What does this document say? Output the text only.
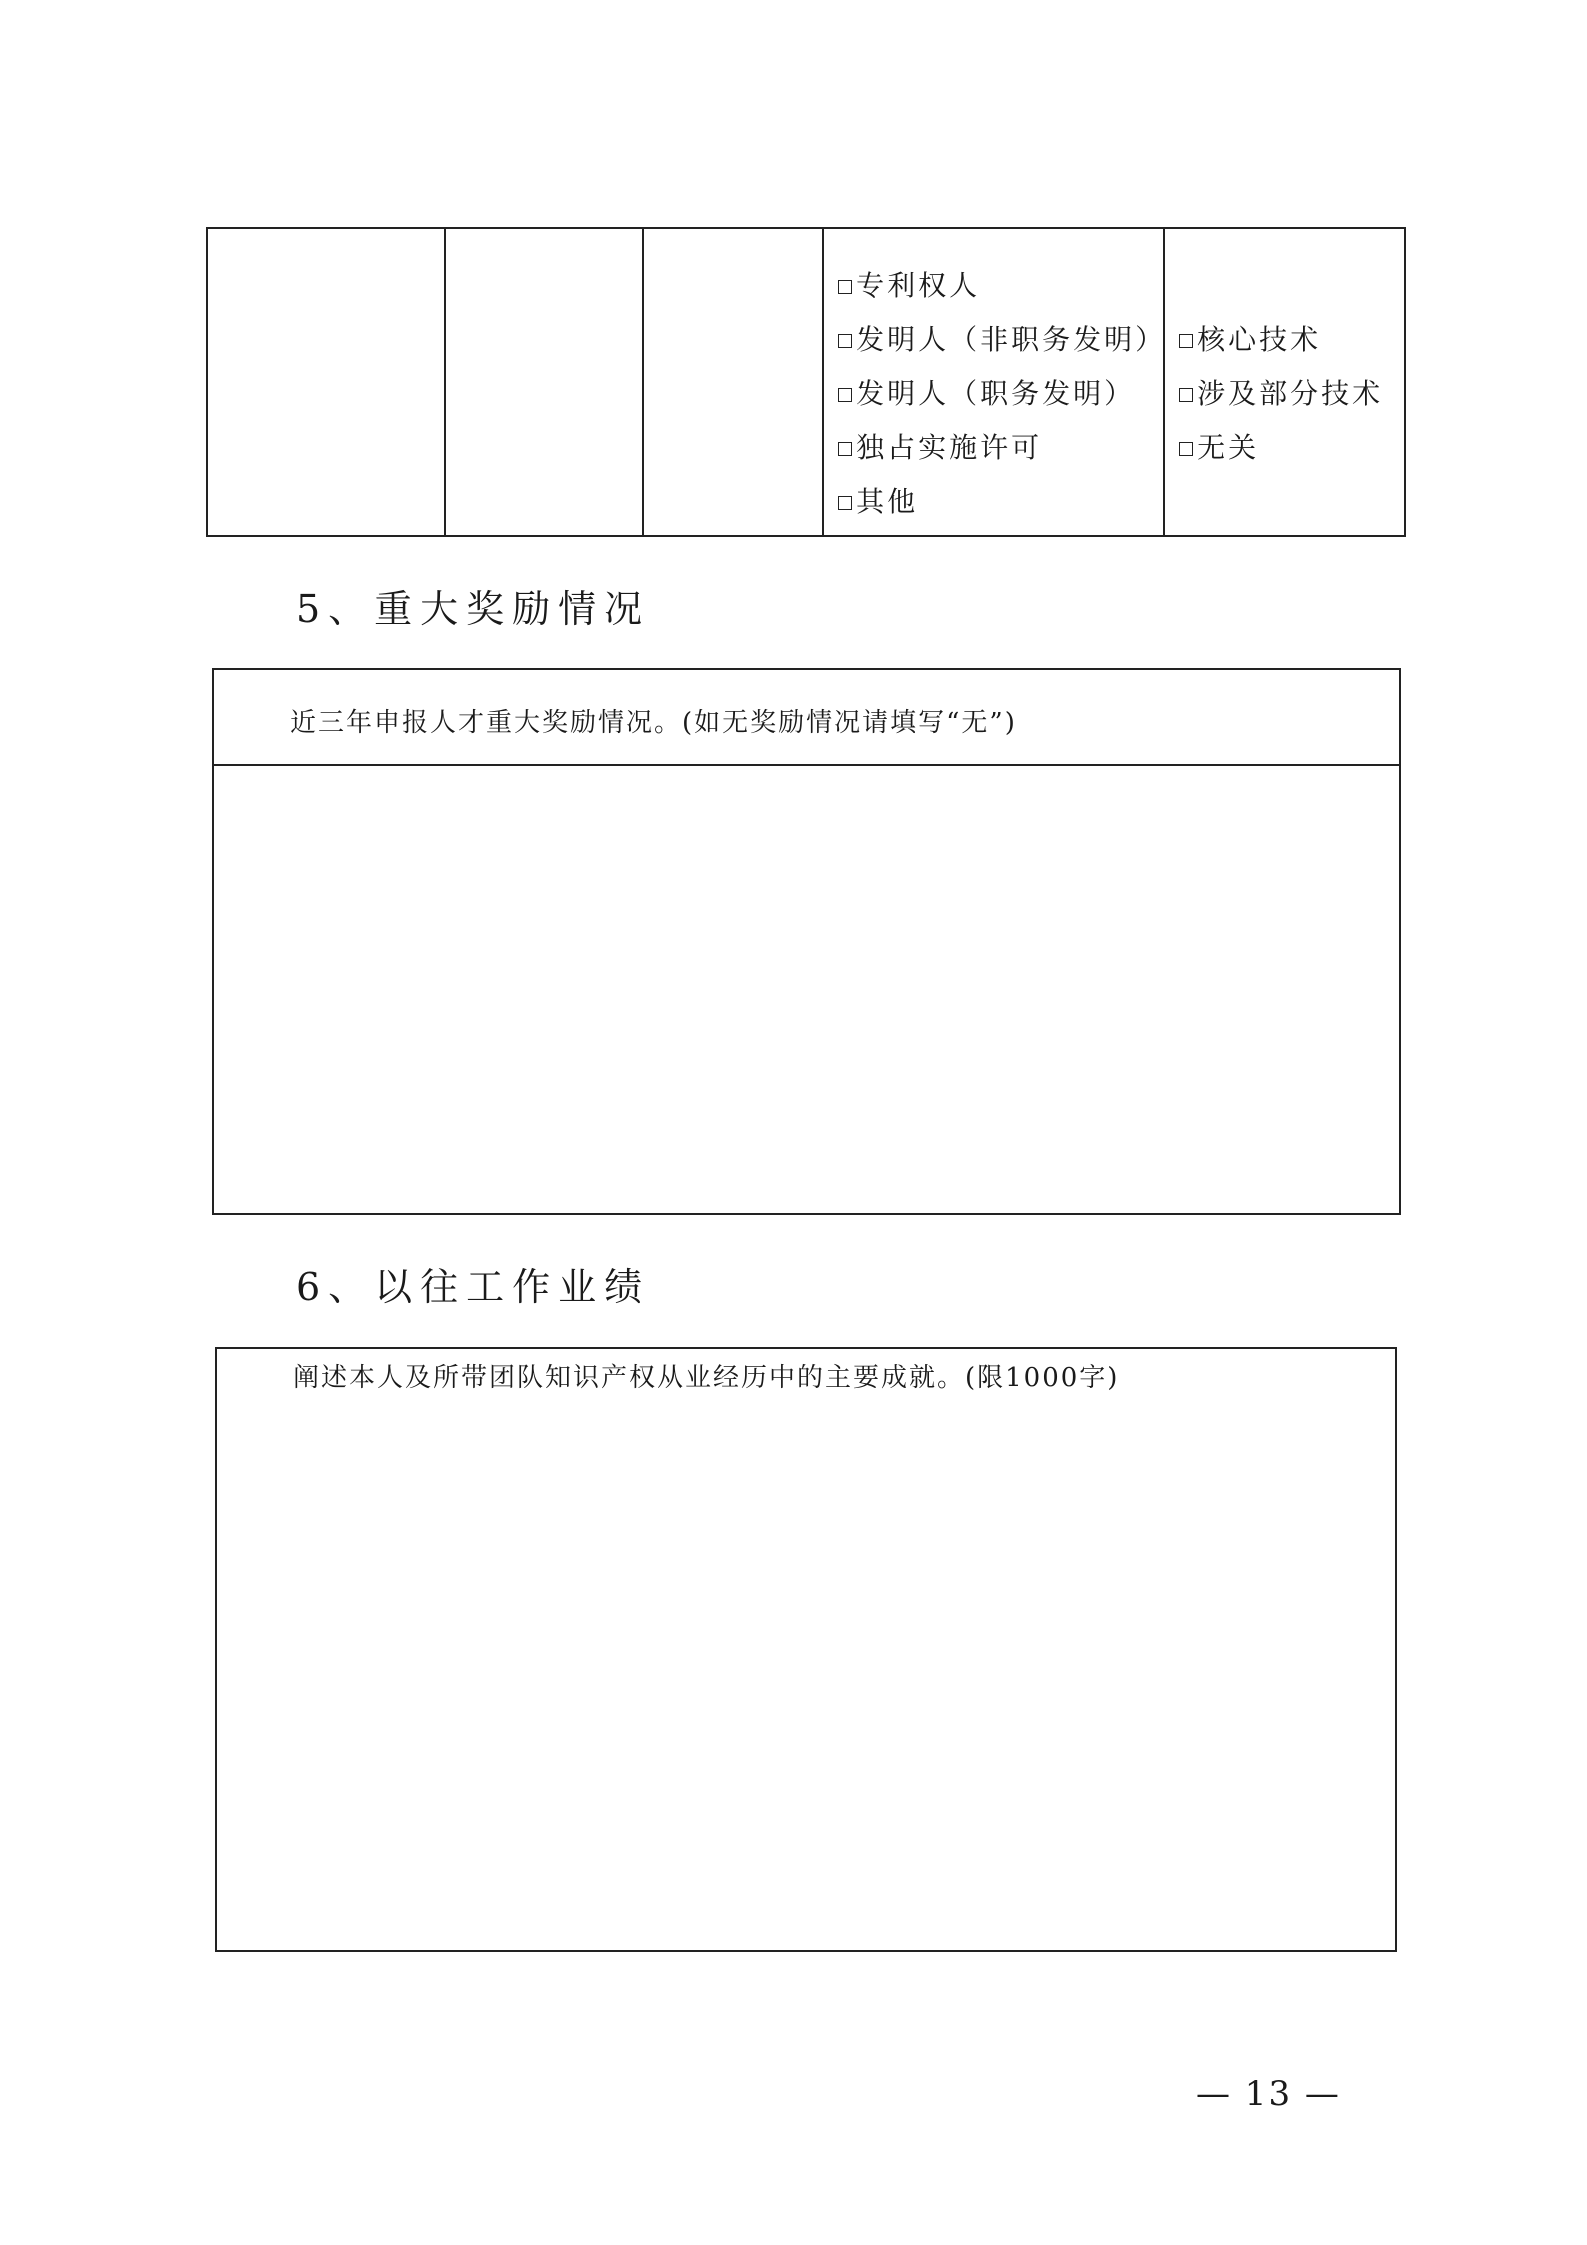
专利权人
发明人（非职务发明）
发明人（职务发明）
独占实施许可
其他
核心技术
涉及部分技术
无关
5、重大奖励情况
近三年申报人才重大奖励情况。(如无奖励情况请填写“无”)
6、以往工作业绩
阐述本人及所带团队知识产权从业经历中的主要成就。(限1000字)
— 13 —
